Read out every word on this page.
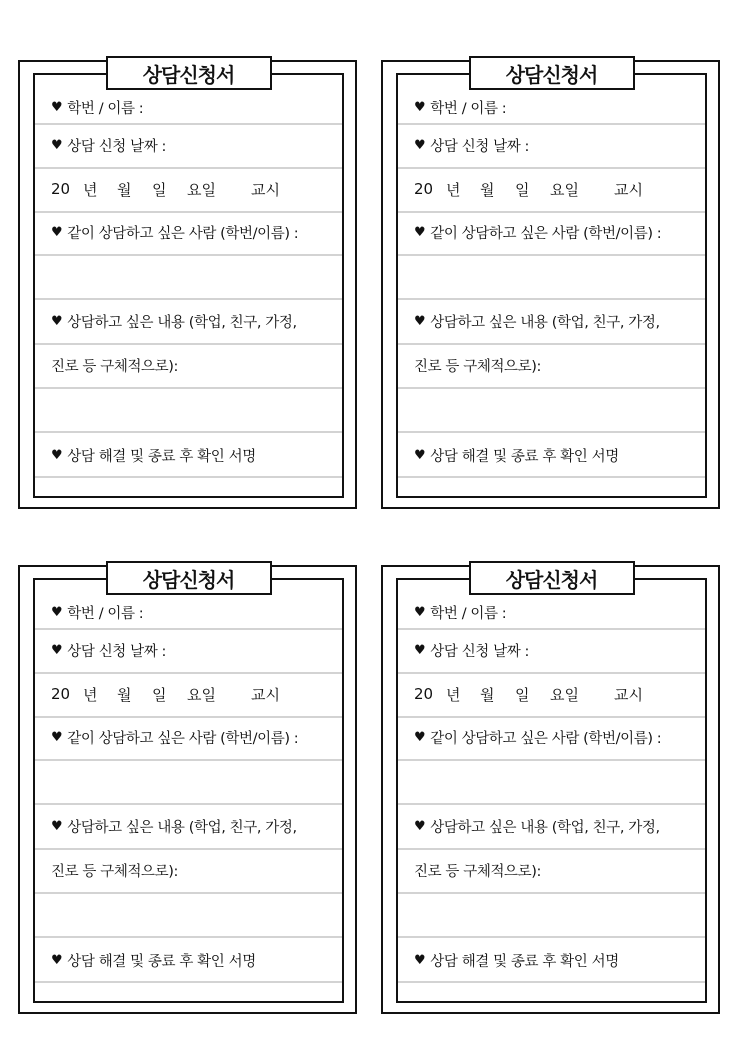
상담신청서
♥ 학번 / 이름 :
♥ 상담 신청 날짜 :
20 년	월	일	요일	교시
♥ 같이 상담하고 싶은 사람 (학번/이름) :
♥ 상담하고 싶은 내용 (학업, 친구, 가정,
진로 등 구체적으로):
♥ 상담 해결 및 종료 후 확인 서명
상담신청서
♥ 학번 / 이름 :
♥ 상담 신청 날짜 :
20 년	월	일	요일	교시
♥ 같이 상담하고 싶은 사람 (학번/이름) :
♥ 상담하고 싶은 내용 (학업, 친구, 가정,
진로 등 구체적으로):
♥ 상담 해결 및 종료 후 확인 서명
상담신청서
♥ 학번 / 이름 :
♥ 상담 신청 날짜 :
20 년	월	일	요일	교시
♥ 같이 상담하고 싶은 사람 (학번/이름) :
♥ 상담하고 싶은 내용 (학업, 친구, 가정,
진로 등 구체적으로):
♥ 상담 해결 및 종료 후 확인 서명
상담신청서
♥ 학번 / 이름 :
♥ 상담 신청 날짜 :
20 년	월	일	요일	교시
♥ 같이 상담하고 싶은 사람 (학번/이름) :
♥ 상담하고 싶은 내용 (학업, 친구, 가정,
진로 등 구체적으로):
♥ 상담 해결 및 종료 후 확인 서명
